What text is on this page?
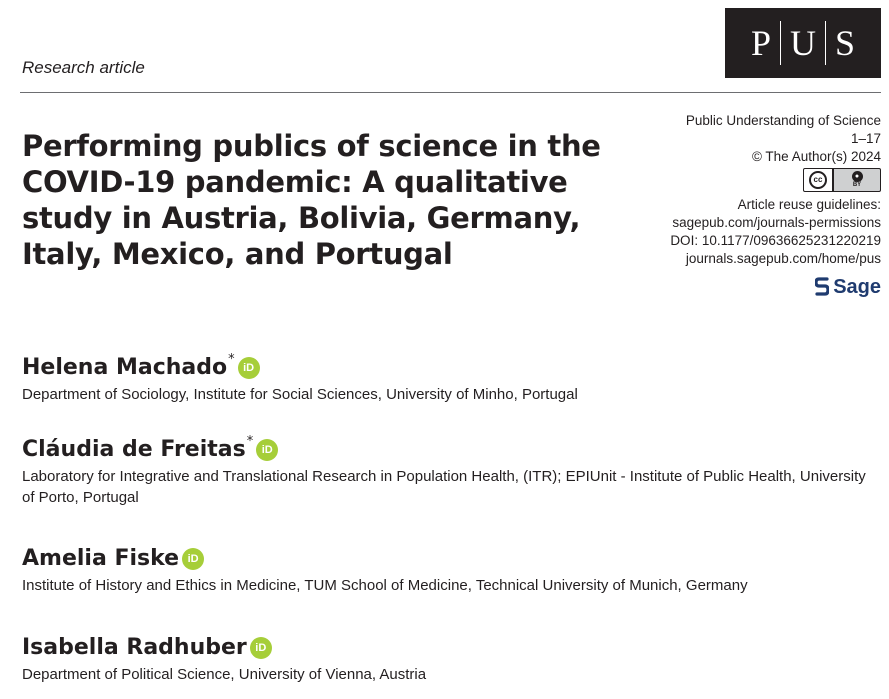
Research article
P U S
Performing publics of science in the COVID-19 pandemic: A qualitative study in Austria, Bolivia, Germany, Italy, Mexico, and Portugal
Public Understanding of Science
1–17
© The Author(s) 2024
cc	●
BY
Article reuse guidelines:
sagepub.com/journals-permissions
DOI: 10.1177/09636625231220219
journals.sagepub.com/home/pus
Sage
Helena Machado*
iD
Department of Sociology, Institute for Social Sciences, University of Minho, Portugal
Cláudia de Freitas*
iD
Laboratory for Integrative and Translational Research in Population Health, (ITR); EPIUnit - Institute of Public Health, University of Porto, Portugal
Amelia Fiske iD
Institute of History and Ethics in Medicine, TUM School of Medicine, Technical University of Munich, Germany
Isabella Radhuber iD
Department of Political Science, University of Vienna, Austria
